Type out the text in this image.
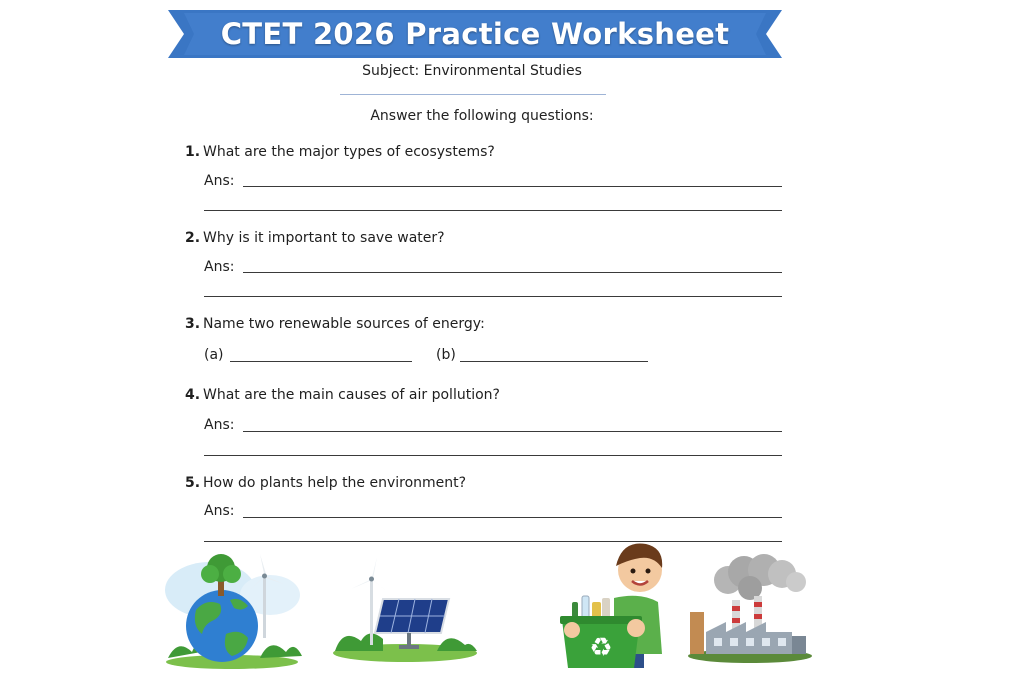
CTET 2026 Practice Worksheet
Subject: Environmental Studies
Answer the following questions:
1. What are the major types of ecosystems?
Ans:
2. Why is it important to save water?
Ans:
3. Name two renewable sources of energy:
(a)	(b)
4. What are the main causes of air pollution?
Ans:
5. How do plants help the environment?
Ans:
♻
